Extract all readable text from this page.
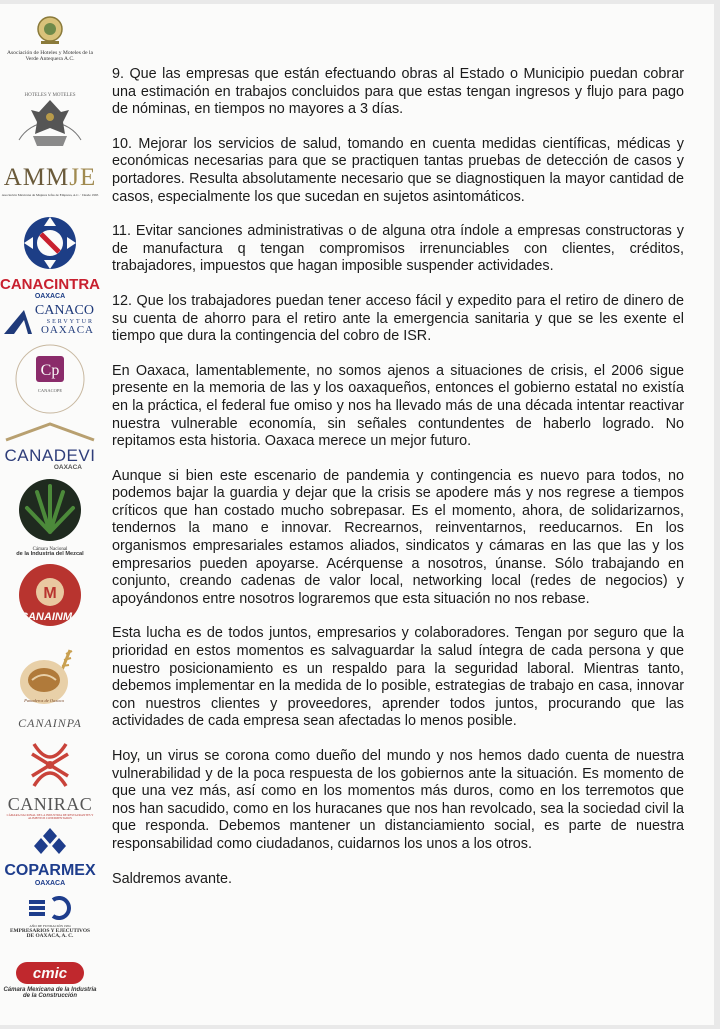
Asociación de Hoteles y Moteles de la Verde Antequera A.C.
HOTELES Y MOTELES
AMMJE
Asociación Mexicana de Mujeres Jefas de Empresa, A.C. · Desde 1965
CANACINTRA
OAXACA
CANACO
SERVYTUR
OAXACA
Cp
CANACOPE
CANADEVI
OAXACA
Cámara Nacional
de la Industria del Mezcal
M
CANAINMA
Panaderos de Oaxaca
CANAINPA
CANIRAC
CÁMARA NACIONAL DE LA INDUSTRIA DE RESTAURANTES Y ALIMENTOS CONDIMENTADOS
COPARMEX
OAXACA
AÑO DE FUNDACIÓN 1984
EMPRESARIOS Y EJECUTIVOS
DE OAXACA, A. C.
cmic
Cámara Mexicana de la Industria de la Construcción

9. Que las empresas que están efectuando obras al Estado o Municipio puedan cobrar una estimación en trabajos concluidos para que estas tengan ingresos y flujo para pago de nóminas, en tiempos no mayores a 3 días.

10. Mejorar los servicios de salud, tomando en cuenta medidas científicas, médicas y económicas necesarias para que se practiquen tantas pruebas de detección de casos y portadores. Resulta absolutamente necesario que se diagnostiquen la mayor cantidad de casos, especialmente los que sucedan en sujetos asintomáticos.

11. Evitar sanciones administrativas o de alguna otra índole a empresas constructoras y de manufactura q tengan compromisos irrenunciables con clientes, créditos, trabajadores, impuestos que hagan imposible suspender actividades.

12. Que los trabajadores puedan tener acceso fácil y expedito para el retiro de dinero de su cuenta de ahorro para el retiro ante la emergencia sanitaria y que se les exente el tiempo que dura la contingencia del cobro de ISR.

En Oaxaca, lamentablemente, no somos ajenos a situaciones de crisis, el 2006 sigue presente en la memoria de las y los oaxaqueños, entonces el gobierno estatal no existía en la práctica, el federal fue omiso y nos ha llevado más de una década intentar reactivar nuestra vulnerable economía, sin señales contundentes de haberlo logrado. No repitamos esta historia. Oaxaca merece un mejor futuro.

Aunque si bien este escenario de pandemia y contingencia es nuevo para todos, no podemos bajar la guardia y dejar que la crisis se apodere más y nos regrese a tiempos críticos que han costado mucho sobrepasar. Es el momento, ahora, de solidarizarnos, tendernos la mano e innovar. Recrearnos, reinventarnos, reeducarnos. En los organismos empresariales estamos aliados, sindicatos y cámaras en las que las y los empresarios pueden apoyarse. Acérquense a nosotros, únanse. Sólo trabajando en conjunto, creando cadenas de valor local, networking local (redes de negocios) y apoyándonos entre nosotros lograremos que esta situación no nos rebase.

Esta lucha es de todos juntos, empresarios y colaboradores. Tengan por seguro que la prioridad en estos momentos es salvaguardar la salud íntegra de cada persona y que nuestro posicionamiento es un respaldo para la seguridad laboral. Mientras tanto, debemos implementar en la medida de lo posible, estrategias de trabajo en casa, innovar con nuestros clientes y proveedores, aprender todos juntos, procurando que las actividades de cada empresa sean afectadas lo menos posible.

Hoy, un virus se corona como dueño del mundo y nos hemos dado cuenta de nuestra vulnerabilidad y de la poca respuesta de los gobiernos ante la situación. Es momento de que una vez más, así como en los momentos más duros, como en los terremotos que nos han sacudido, como en los huracanes que nos han revolcado, sea la sociedad civil la que responda. Debemos mantener un distanciamiento social, es parte de nuestra responsabilidad como ciudadanos, cuidarnos los unos a los otros.

Saldremos avante.
